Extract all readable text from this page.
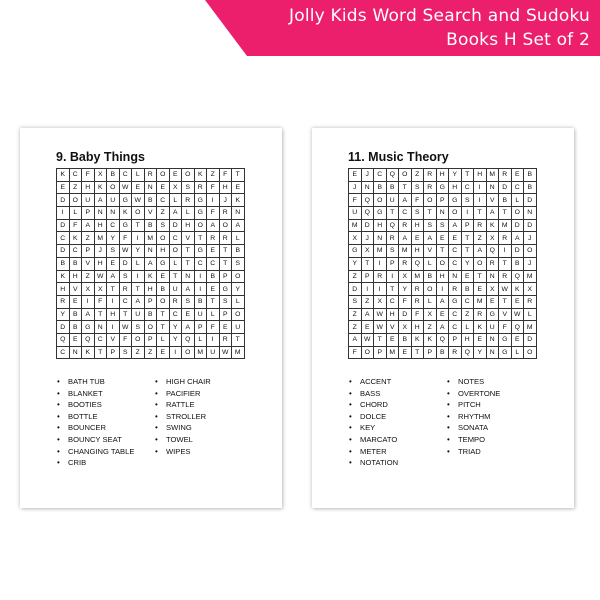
Jolly Kids Word Search and Sudoku
Books H Set of 2
9. Baby Things
K	C	F	X	B	C	L	R	O	E	O	K	Z	F	T
E	Z	H	K	O	W	E	N	E	X	S	R	F	H	E
D	O	U	A	U	G	W	B	C	L	R	G	I	J	K
I	L	P	N	N	K	O	V	Z	A	L	G	F	R	N
D	F	A	H	C	G	T	B	S	D	H	O	A	O	A
C	K	Z	M	Y	F	I	M	O	C	V	T	R	R	L
D	C	P	J	S	W	Y	N	H	O	T	G	E	T	B
B	B	V	H	E	D	L	A	G	L	T	C	C	T	S
K	H	Z	W	A	S	I	K	E	T	N	I	B	P	O
H	V	X	X	T	R	T	H	B	U	A	I	E	G	Y
R	E	I	F	I	C	A	P	O	R	S	B	T	S	L
Y	B	A	T	H	T	U	B	T	C	E	U	L	P	O
D	B	G	N	I	W	S	O	T	Y	A	P	F	E	U
Q	E	Q	C	V	F	O	P	L	Y	Q	L	I	R	T
C	N	K	T	P	S	Z	Z	E	I	O	M	U	W	M
• BATH TUB
• BLANKET
• BOOTIES
• BOTTLE
• BOUNCER
• BOUNCY SEAT
• CHANGING TABLE
• CRIB
• HIGH CHAIR
• PACIFIER
• RATTLE
• STROLLER
• SWING
• TOWEL
• WIPES
11. Music Theory
E	J	C	Q	O	Z	R	H	Y	T	H	M	R	E	B
J	N	B	B	T	S	R	G	H	C	I	N	D	C	B
F	Q	O	U	A	F	O	P	G	S	I	V	B	L	D
U	Q	G	T	C	S	T	N	O	I	T	A	T	O	N
M	D	H	Q	R	H	S	S	A	P	R	K	M	D	D
X	J	N	R	A	E	A	E	E	T	Z	X	R	A	J
G	X	M	S	M	H	V	T	C	T	A	Q	I	D	O
Y	T	I	P	R	Q	L	O	C	Y	O	R	T	B	J
Z	P	R	I	X	M	B	H	N	E	T	N	R	Q	M
D	I	I	T	Y	R	O	I	R	B	E	X	W	K	X
S	Z	X	C	F	R	L	A	G	C	M	E	T	E	R
Z	A	W	H	D	F	X	E	C	Z	R	G	V	W	L
Z	E	W	V	X	H	Z	A	C	L	K	U	F	Q	M
A	W	T	E	B	K	K	Q	P	H	E	N	G	E	D
F	O	P	M	E	T	P	B	R	Q	Y	N	G	L	O
• ACCENT
• BASS
• CHORD
• DOLCE
• KEY
• MARCATO
• METER
• NOTATION
• NOTES
• OVERTONE
• PITCH
• RHYTHM
• SONATA
• TEMPO
• TRIAD
